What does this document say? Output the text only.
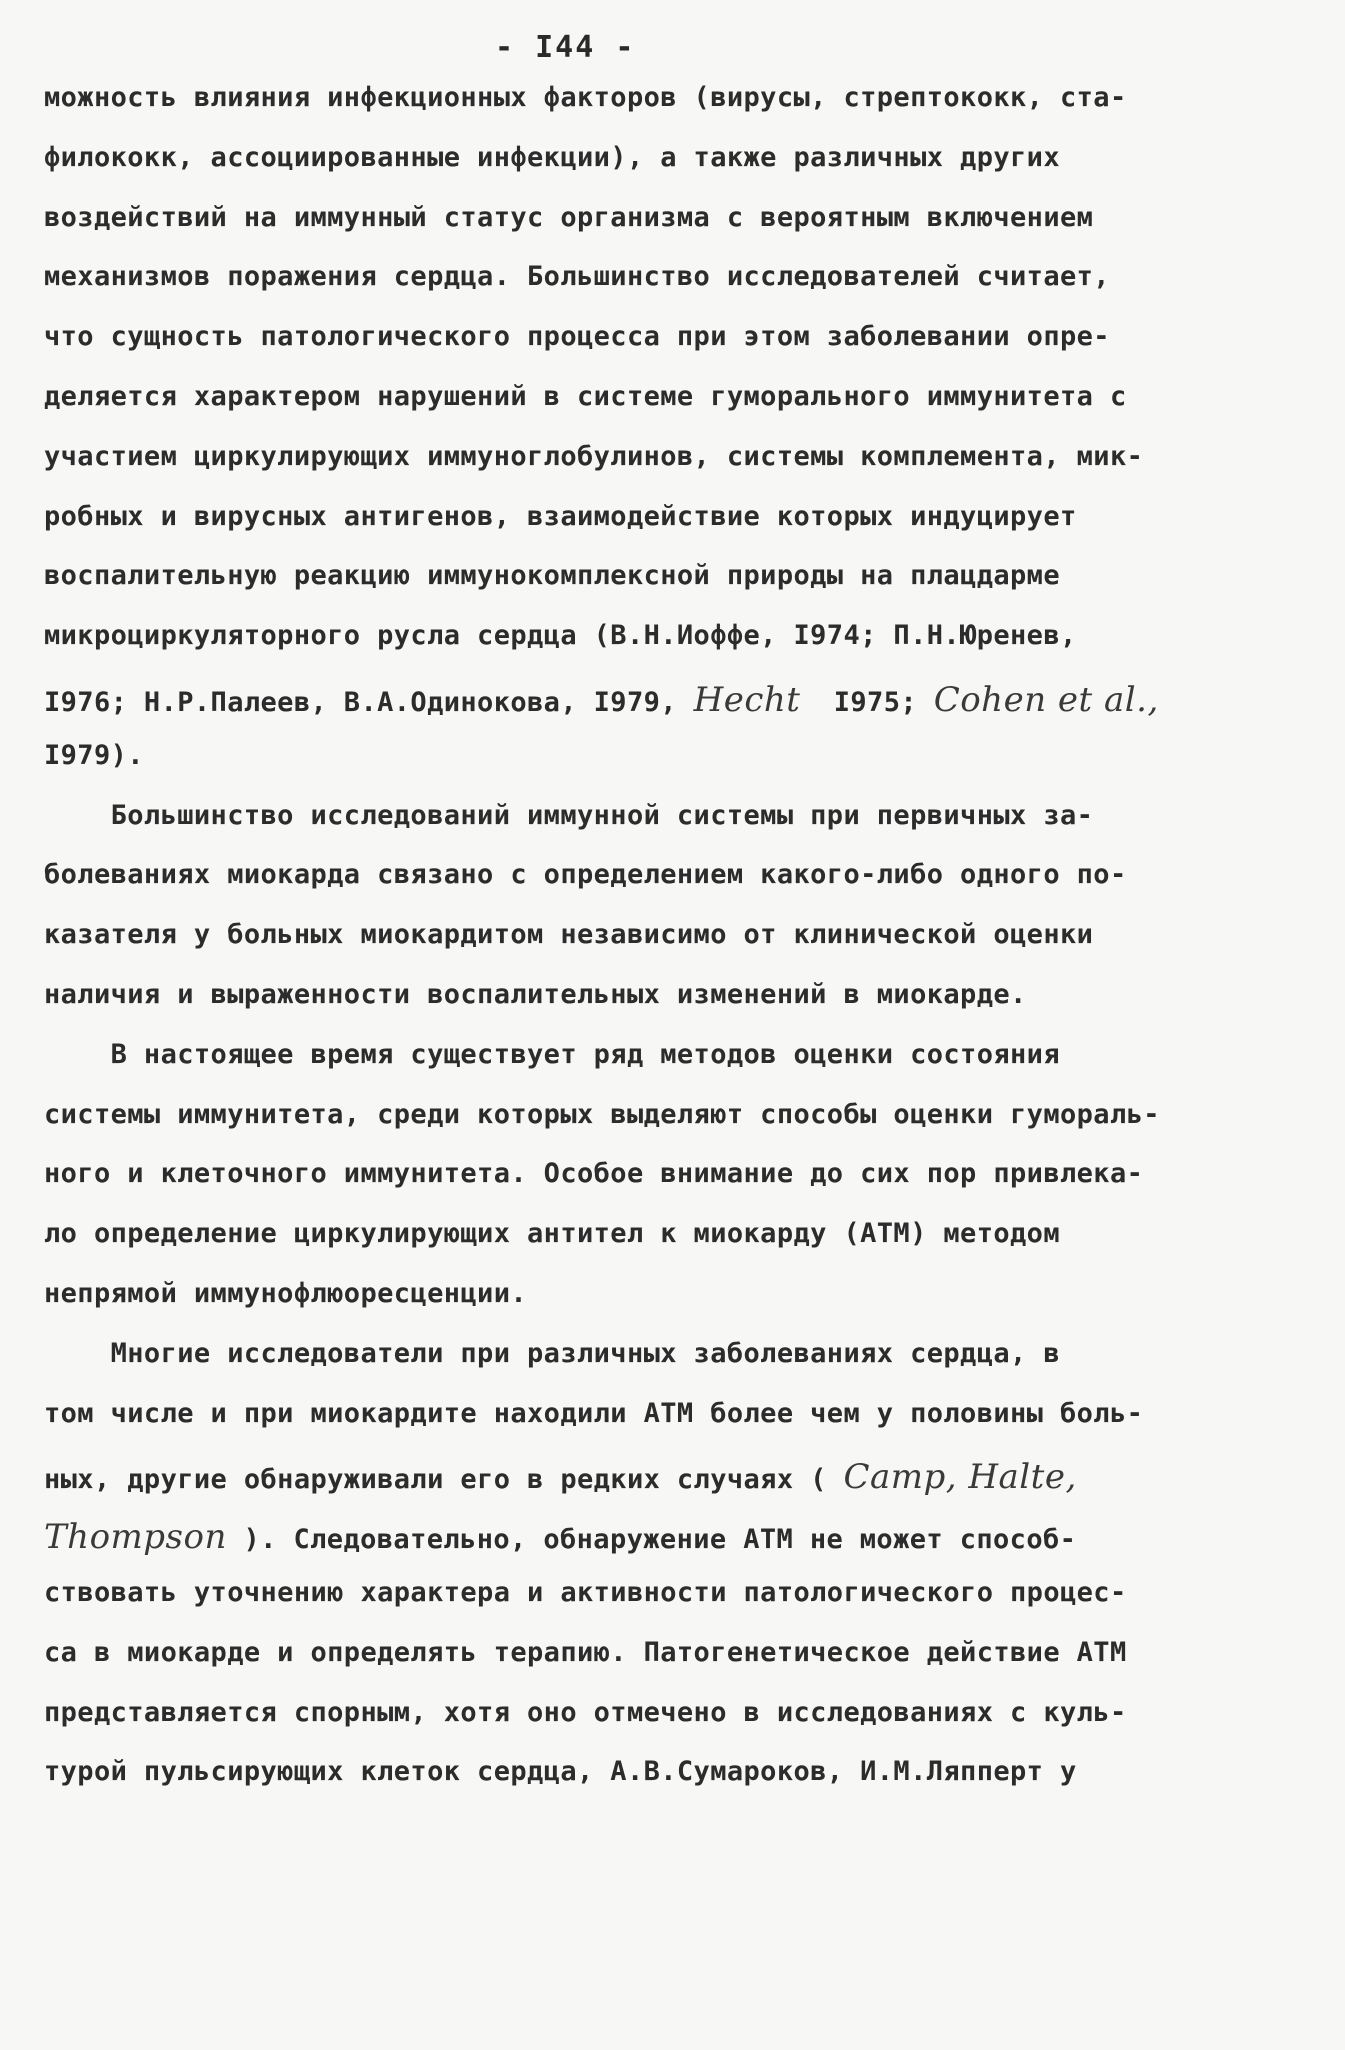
- I44 -
можность влияния инфекционных факторов (вирусы, стрептококк, ста-
филококк, ассоциированные инфекции), а также различных других
воздействий на иммунный статус организма с вероятным включением
механизмов поражения сердца. Большинство исследователей считает,
что сущность патологического процесса при этом заболевании опре-
деляется характером нарушений в системе гуморального иммунитета с
участием циркулирующих иммуноглобулинов, системы комплемента, мик-
робных и вирусных антигенов, взаимодействие которых индуцирует
воспалительную реакцию иммунокомплексной природы на плацдарме
микроциркуляторного русла сердца (В.Н.Иоффе, I974; П.Н.Юренев,
I976; Н.Р.Палеев, В.А.Одинокова, I979, Hecht  I975; Cohen et al.,
I979).
Большинство исследований иммунной системы при первичных за-
болеваниях миокарда связано с определением какого-либо одного по-
казателя у больных миокардитом независимо от клинической оценки
наличия и выраженности воспалительных изменений в миокарде.
В настоящее время существует ряд методов оценки состояния
системы иммунитета, среди которых выделяют способы оценки гумораль-
ного и клеточного иммунитета. Особое внимание до сих пор привлека-
ло определение циркулирующих антител к миокарду (АТМ) методом
непрямой иммунофлюоресценции.
Многие исследователи при различных заболеваниях сердца, в
том числе и при миокардите находили АТМ более чем у половины боль-
ных, другие обнаруживали его в редких случаях ( Camp, Halte,
Thompson ). Следовательно, обнаружение АТМ не может способ-
ствовать уточнению характера и активности патологического процес-
са в миокарде и определять терапию. Патогенетическое действие АТМ
представляется спорным, хотя оно отмечено в исследованиях с куль-
турой пульсирующих клеток сердца, А.В.Сумароков, И.М.Ляпперт у
